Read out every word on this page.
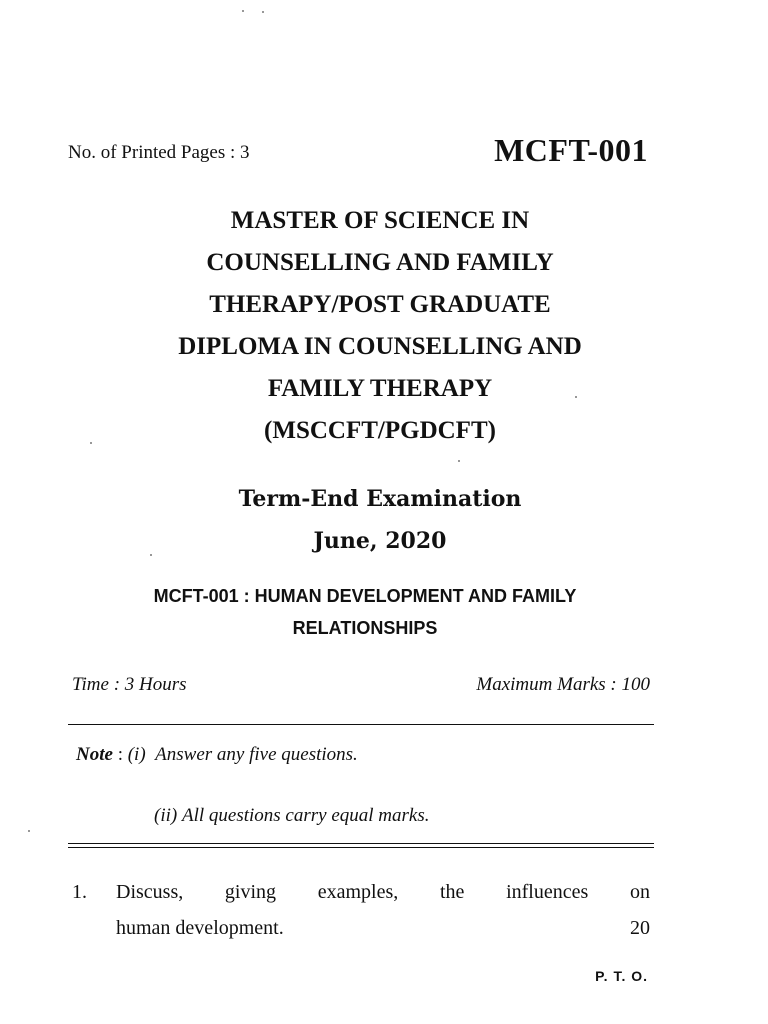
No. of Printed Pages : 3	MCFT-001
MASTER OF SCIENCE IN
COUNSELLING AND FAMILY
THERAPY/POST GRADUATE
DIPLOMA IN COUNSELLING AND
FAMILY THERAPY
(MSCCFT/PGDCFT)
Term-End Examination
June, 2020
MCFT-001 : HUMAN DEVELOPMENT AND FAMILY
RELATIONSHIPS
Time : 3 Hours	Maximum Marks : 100
Note : (i) Answer any five questions.
(ii) All questions carry equal marks.
1. Discuss, giving examples, the influences on
human development.	20
P. T. O.
